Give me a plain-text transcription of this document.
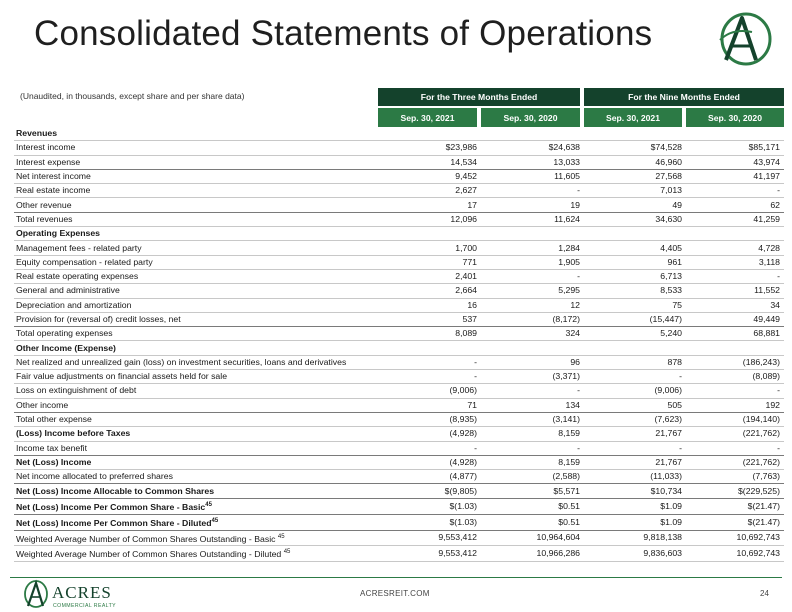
Consolidated Statements of Operations
(Unaudited, in thousands, except share and per share data)	For the Three Months Ended	For the Nine Months Ended
Sep. 30, 2021	Sep. 30, 2020	Sep. 30, 2021	Sep. 30, 2020
Revenues				
Interest income	$23,986	$24,638	$74,528	$85,171
Interest expense	14,534	13,033	46,960	43,974
Net interest income	9,452	11,605	27,568	41,197
Real estate income	2,627	-	7,013	-
Other revenue	17	19	49	62
Total revenues	12,096	11,624	34,630	41,259
Operating Expenses				
Management fees - related party	1,700	1,284	4,405	4,728
Equity compensation - related party	771	1,905	961	3,118
Real estate operating expenses	2,401	-	6,713	-
General and administrative	2,664	5,295	8,533	11,552
Depreciation and amortization	16	12	75	34
Provision for (reversal of) credit losses, net	537	(8,172)	(15,447)	49,449
Total operating expenses	8,089	324	5,240	68,881
Other Income (Expense)				
Net realized and unrealized gain (loss) on investment securities, loans and derivatives	-	96	878	(186,243)
Fair value adjustments on financial assets held for sale	-	(3,371)	-	(8,089)
Loss on extinguishment of debt	(9,006)	-	(9,006)	-
Other income	71	134	505	192
Total other expense	(8,935)	(3,141)	(7,623)	(194,140)
(Loss) Income before Taxes	(4,928)	8,159	21,767	(221,762)
Income tax benefit	-	-	-	-
Net (Loss) Income	(4,928)	8,159	21,767	(221,762)
Net income allocated to preferred shares	(4,877)	(2,588)	(11,033)	(7,763)
Net (Loss) Income Allocable to Common Shares	$(9,805)	$5,571	$10,734	$(229,525)
Net (Loss) Income Per Common Share - Basic$^{45}$	$(1.03)	$0.51	$1.09	$(21.47)
Net (Loss) Income Per Common Share - Diluted$^{45}$	$(1.03)	$0.51	$1.09	$(21.47)
Weighted Average Number of Common Shares Outstanding - Basic $^{45}$	9,553,412	10,964,604	9,818,138	10,692,743
Weighted Average Number of Common Shares Outstanding - Diluted $^{45}$	9,553,412	10,966,286	9,836,603	10,692,743
ACRES
COMMERCIAL REALTY
ACRESREIT.COM	24
